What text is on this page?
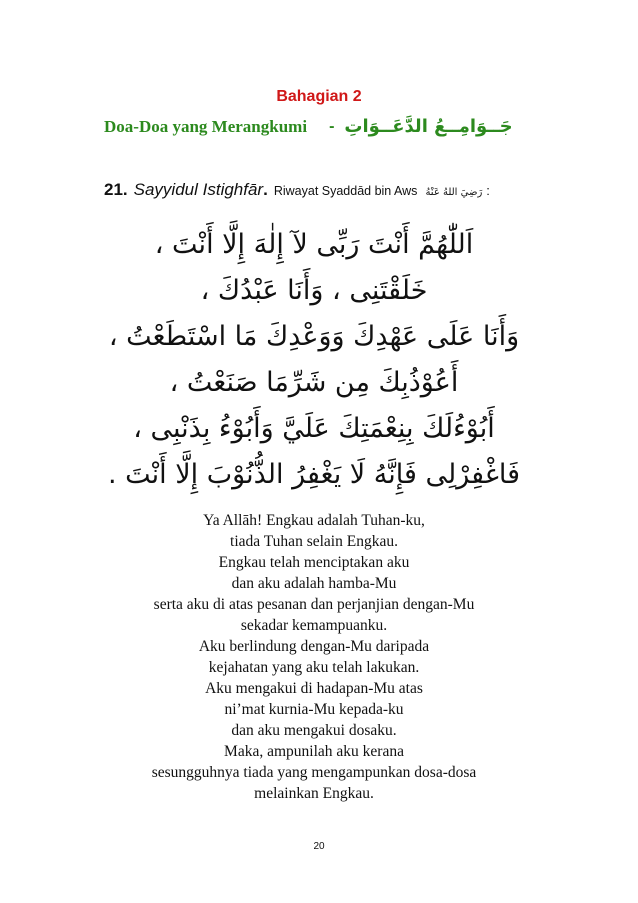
Bahagian 2
Doa-Doa yang Merangkumi - جَــوَامِــعُ الدَّعَــوَاتِ
21. Sayyidul Istighfār . Riwayat Syaddād bin Aws رَضِيَ اللهُ عَنْهُ :
اَللّٰهُمَّ أَنْتَ رَبِّى لآ إِلٰهَ إِلَّا أَنْتَ ،
خَلَقْتَنِى ، وَأَنَا عَبْدُكَ ،
وَأَنَا عَلَى عَهْدِكَ وَوَعْدِكَ مَا اسْتَطَعْتُ ،
أَعُوْذُبِكَ مِن شَرِّمَا صَنَعْتُ ،
أَبُوْءُلَكَ بِنِعْمَتِكَ عَلَيَّ وَأَبُوْءُ بِذَنْبِى ،
فَاغْفِرْلِى فَإِنَّهُ لَا يَغْفِرُ الذُّنُوْبَ إِلَّا أَنْتَ .
Ya Allāh! Engkau adalah Tuhan-ku,
tiada Tuhan selain Engkau.
Engkau telah menciptakan aku
dan aku adalah hamba-Mu
serta aku di atas pesanan dan perjanjian dengan-Mu
sekadar kemampuanku.
Aku berlindung dengan-Mu daripada
kejahatan yang aku telah lakukan.
Aku mengakui di hadapan-Mu atas
ni’mat kurnia-Mu kepada-ku
dan aku mengakui dosaku.
Maka, ampunilah aku kerana
sesungguhnya tiada yang mengampunkan dosa-dosa
melainkan Engkau.
20
